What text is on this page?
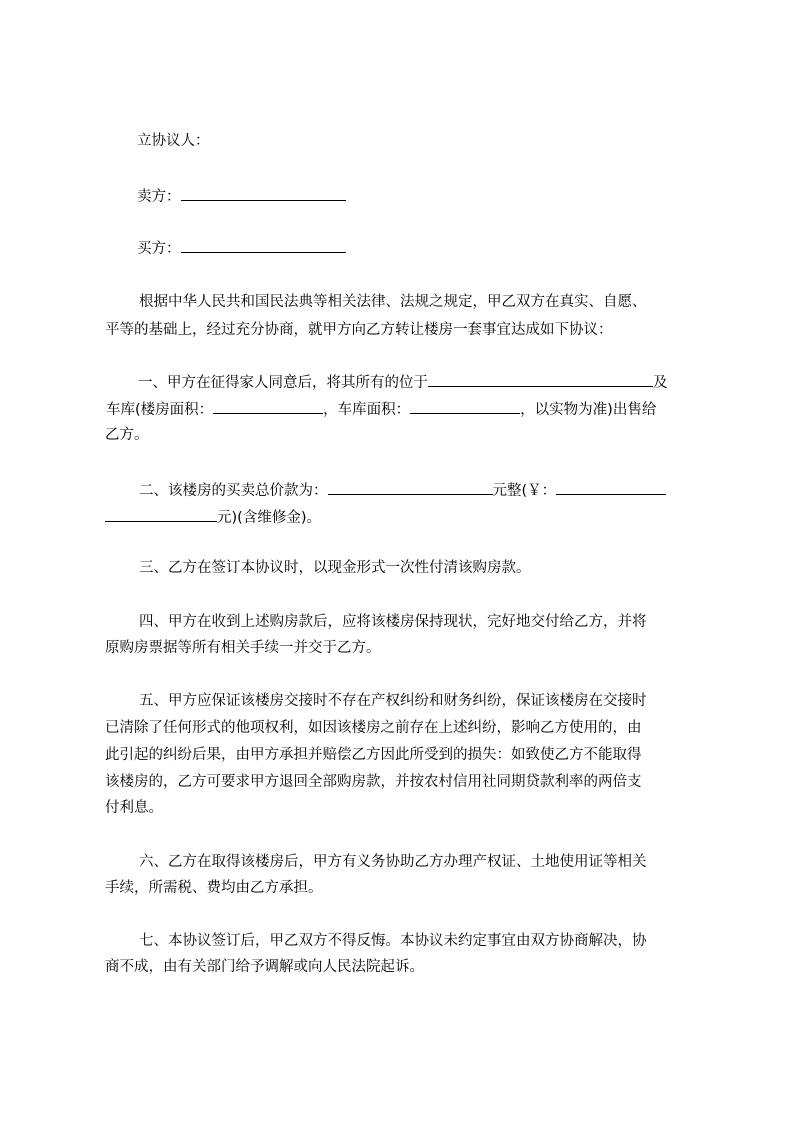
立协议人：
卖方：
买方：
根据中华人民共和国民法典等相关法律、法规之规定，甲乙双方在真实、自愿、
平等的基础上，经过充分协商，就甲方向乙方转让楼房一套事宜达成如下协议：
一、甲方在征得家人同意后，将其所有的位于	及
车库(楼房面积：	，车库面积：	，以实物为准)出售给
乙方。
二、该楼房的买卖总价款为：	元整(￥：
元)(含维修金)。
三、乙方在签订本协议时，以现金形式一次性付清该购房款。
四、甲方在收到上述购房款后，应将该楼房保持现状，完好地交付给乙方，并将
原购房票据等所有相关手续一并交于乙方。
五、甲方应保证该楼房交接时不存在产权纠纷和财务纠纷，保证该楼房在交接时
已清除了任何形式的他项权利，如因该楼房之前存在上述纠纷，影响乙方使用的，由
此引起的纠纷后果，由甲方承担并赔偿乙方因此所受到的损失：如致使乙方不能取得
该楼房的，乙方可要求甲方退回全部购房款，并按农村信用社同期贷款利率的两倍支
付利息。
六、乙方在取得该楼房后，甲方有义务协助乙方办理产权证、土地使用证等相关
手续，所需税、费均由乙方承担。
七、本协议签订后，甲乙双方不得反悔。本协议未约定事宜由双方协商解决，协
商不成，由有关部门给予调解或向人民法院起诉。
